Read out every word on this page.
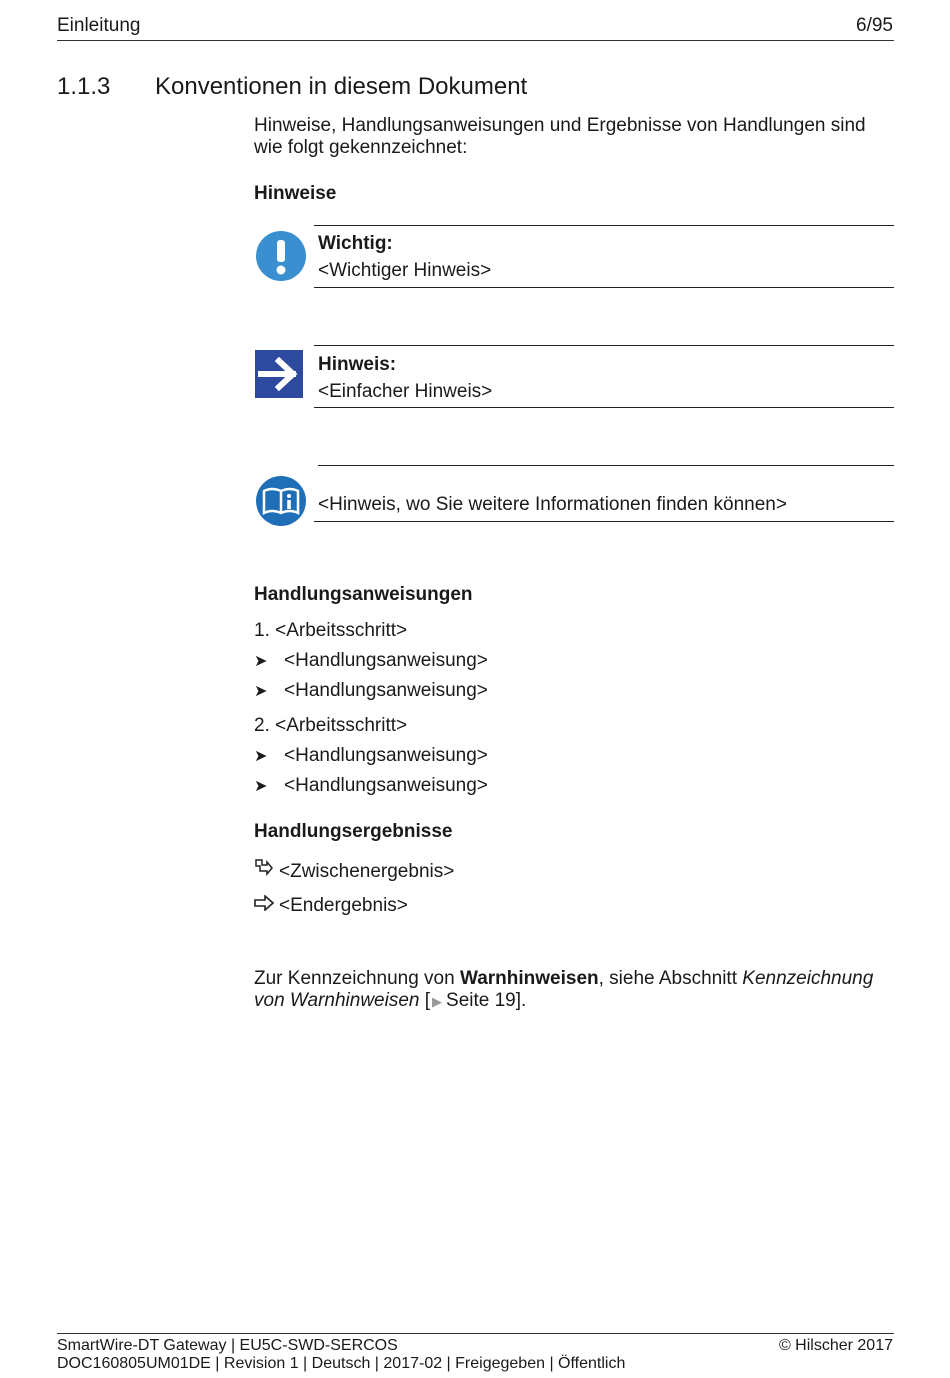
Einleitung	6/95
1.1.3 Konventionen in diesem Dokument
Hinweise, Handlungsanweisungen und Ergebnisse von Handlungen sind wie folgt gekennzeichnet:
Hinweise
Wichtig:
<Wichtiger Hinweis>
Hinweis:
<Einfacher Hinweis>
<Hinweis, wo Sie weitere Informationen finden können>
Handlungsanweisungen
1. <Arbeitsschritt>
➤ <Handlungsanweisung>
➤ <Handlungsanweisung>
2. <Arbeitsschritt>
➤ <Handlungsanweisung>
➤ <Handlungsanweisung>
Handlungsergebnisse
<Zwischenergebnis>
<Endergebnis>
Zur Kennzeichnung von Warnhinweisen, siehe Abschnitt Kennzeichnung von Warnhinweisen [ ▶ Seite 19].
SmartWire-DT Gateway | EU5C-SWD-SERCOS
DOC160805UM01DE | Revision 1 | Deutsch | 2017-02 | Freigegeben | Öffentlich
© Hilscher 2017
